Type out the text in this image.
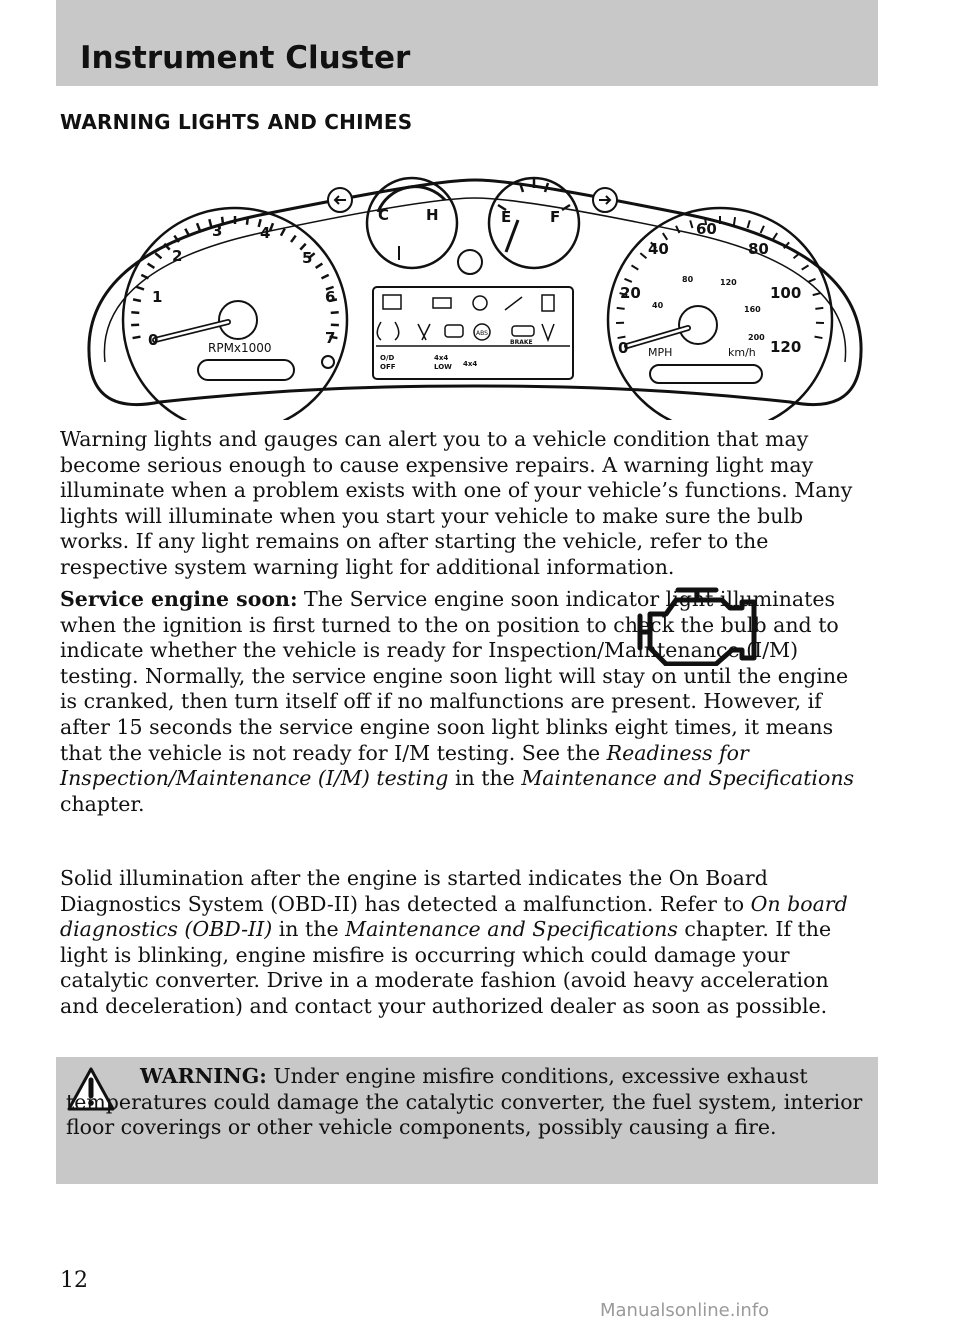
Instrument Cluster
WARNING LIGHTS AND CHIMES
RPMx1000
0
1
2
3	4
5
6
7
C H	E	F
ABS
BRAKE
O/D
OFF
4x4
LOW 4x4
0
20
40
60
80
100
120
40
80	120
160
200
MPH	km/h

Warning lights and gauges can alert you to a vehicle condition that may become serious enough to cause expensive repairs. A warning light may illuminate when a problem exists with one of your vehicle’s functions. Many lights will illuminate when you start your vehicle to make sure the bulb works. If any light remains on after starting the vehicle, refer to the respective system warning light for additional information.

Service engine soon: The Service engine soon indicator light illuminates when the ignition is first turned to the on position to check the bulb and to indicate whether the vehicle is ready for Inspection/Maintenance (I/M) testing. Normally, the service engine soon light will stay on until the engine is cranked, then turn itself off if no malfunctions are present. However, if after 15 seconds the service engine soon light blinks eight times, it means that the vehicle is not ready for I/M testing. See the Readiness for Inspection/Maintenance (I/M) testing in the Maintenance and Specifications chapter.

Solid illumination after the engine is started indicates the On Board Diagnostics System (OBD-II) has detected a malfunction. Refer to On board diagnostics (OBD-II) in the Maintenance and Specifications chapter. If the light is blinking, engine misfire is occurring which could damage your catalytic converter. Drive in a moderate fashion (avoid heavy acceleration and deceleration) and contact your authorized dealer as soon as possible.

WARNING: Under engine misfire conditions, excessive exhaust temperatures could damage the catalytic converter, the fuel system, interior floor coverings or other vehicle components, possibly causing a fire.

12
Manualsonline.info
